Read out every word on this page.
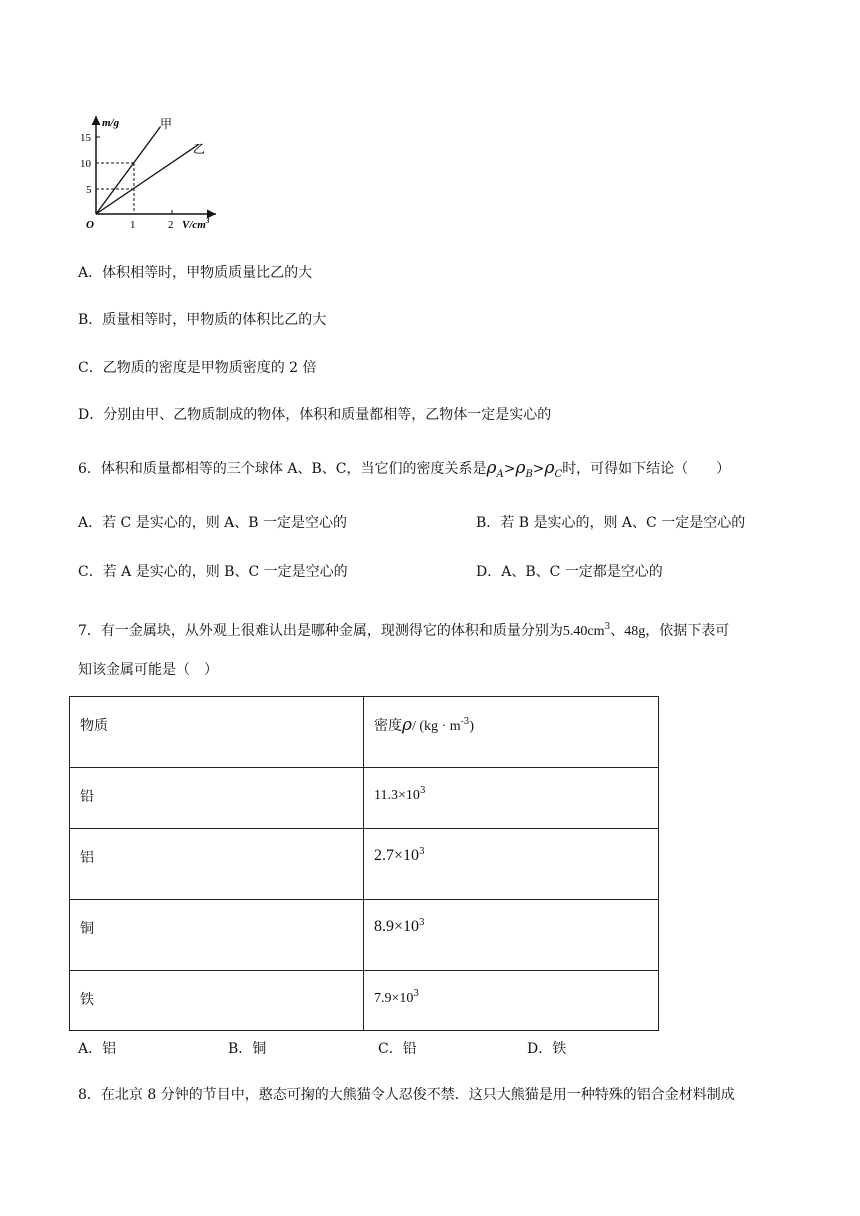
m/g
15
10
5
O	1	2 $V/cm^3$
甲
乙
A．体积相等时，甲物质质量比乙的大
B．质量相等时，甲物质的体积比乙的大
C．乙物质的密度是甲物质密度的 2 倍
D．分别由甲、乙物质制成的物体，体积和质量都相等，乙物体一定是实心的
6．体积和质量都相等的三个球体 A、B、C，当它们的密度关系是$\rho_A>\rho_B>\rho_C$时，可得如下结论（　　）
A．若 C 是实心的，则 A、B 一定是空心的	B．若 B 是实心的，则 A、C 一定是空心的
C．若 A 是实心的，则 B、C 一定是空心的	D．A、B、C 一定都是空心的
7．有一金属块，从外观上很难认出是哪种金属，现测得它的体积和质量分别为$5.40cm^3$、48g，依据下表可
知该金属可能是（　）
物质	密度ρ/ $(kg \cdot m^{-3})$
铅	$11.3\times 10^3$
铝	$2.7\times 10^3$
铜	$8.9\times 10^3$
铁	$7.9\times 10^3$
A．铝	B．铜	C．铅	D．铁
8．在北京 8 分钟的节目中，憨态可掬的大熊猫令人忍俊不禁．这只大熊猫是用一种特殊的铝合金材料制成
